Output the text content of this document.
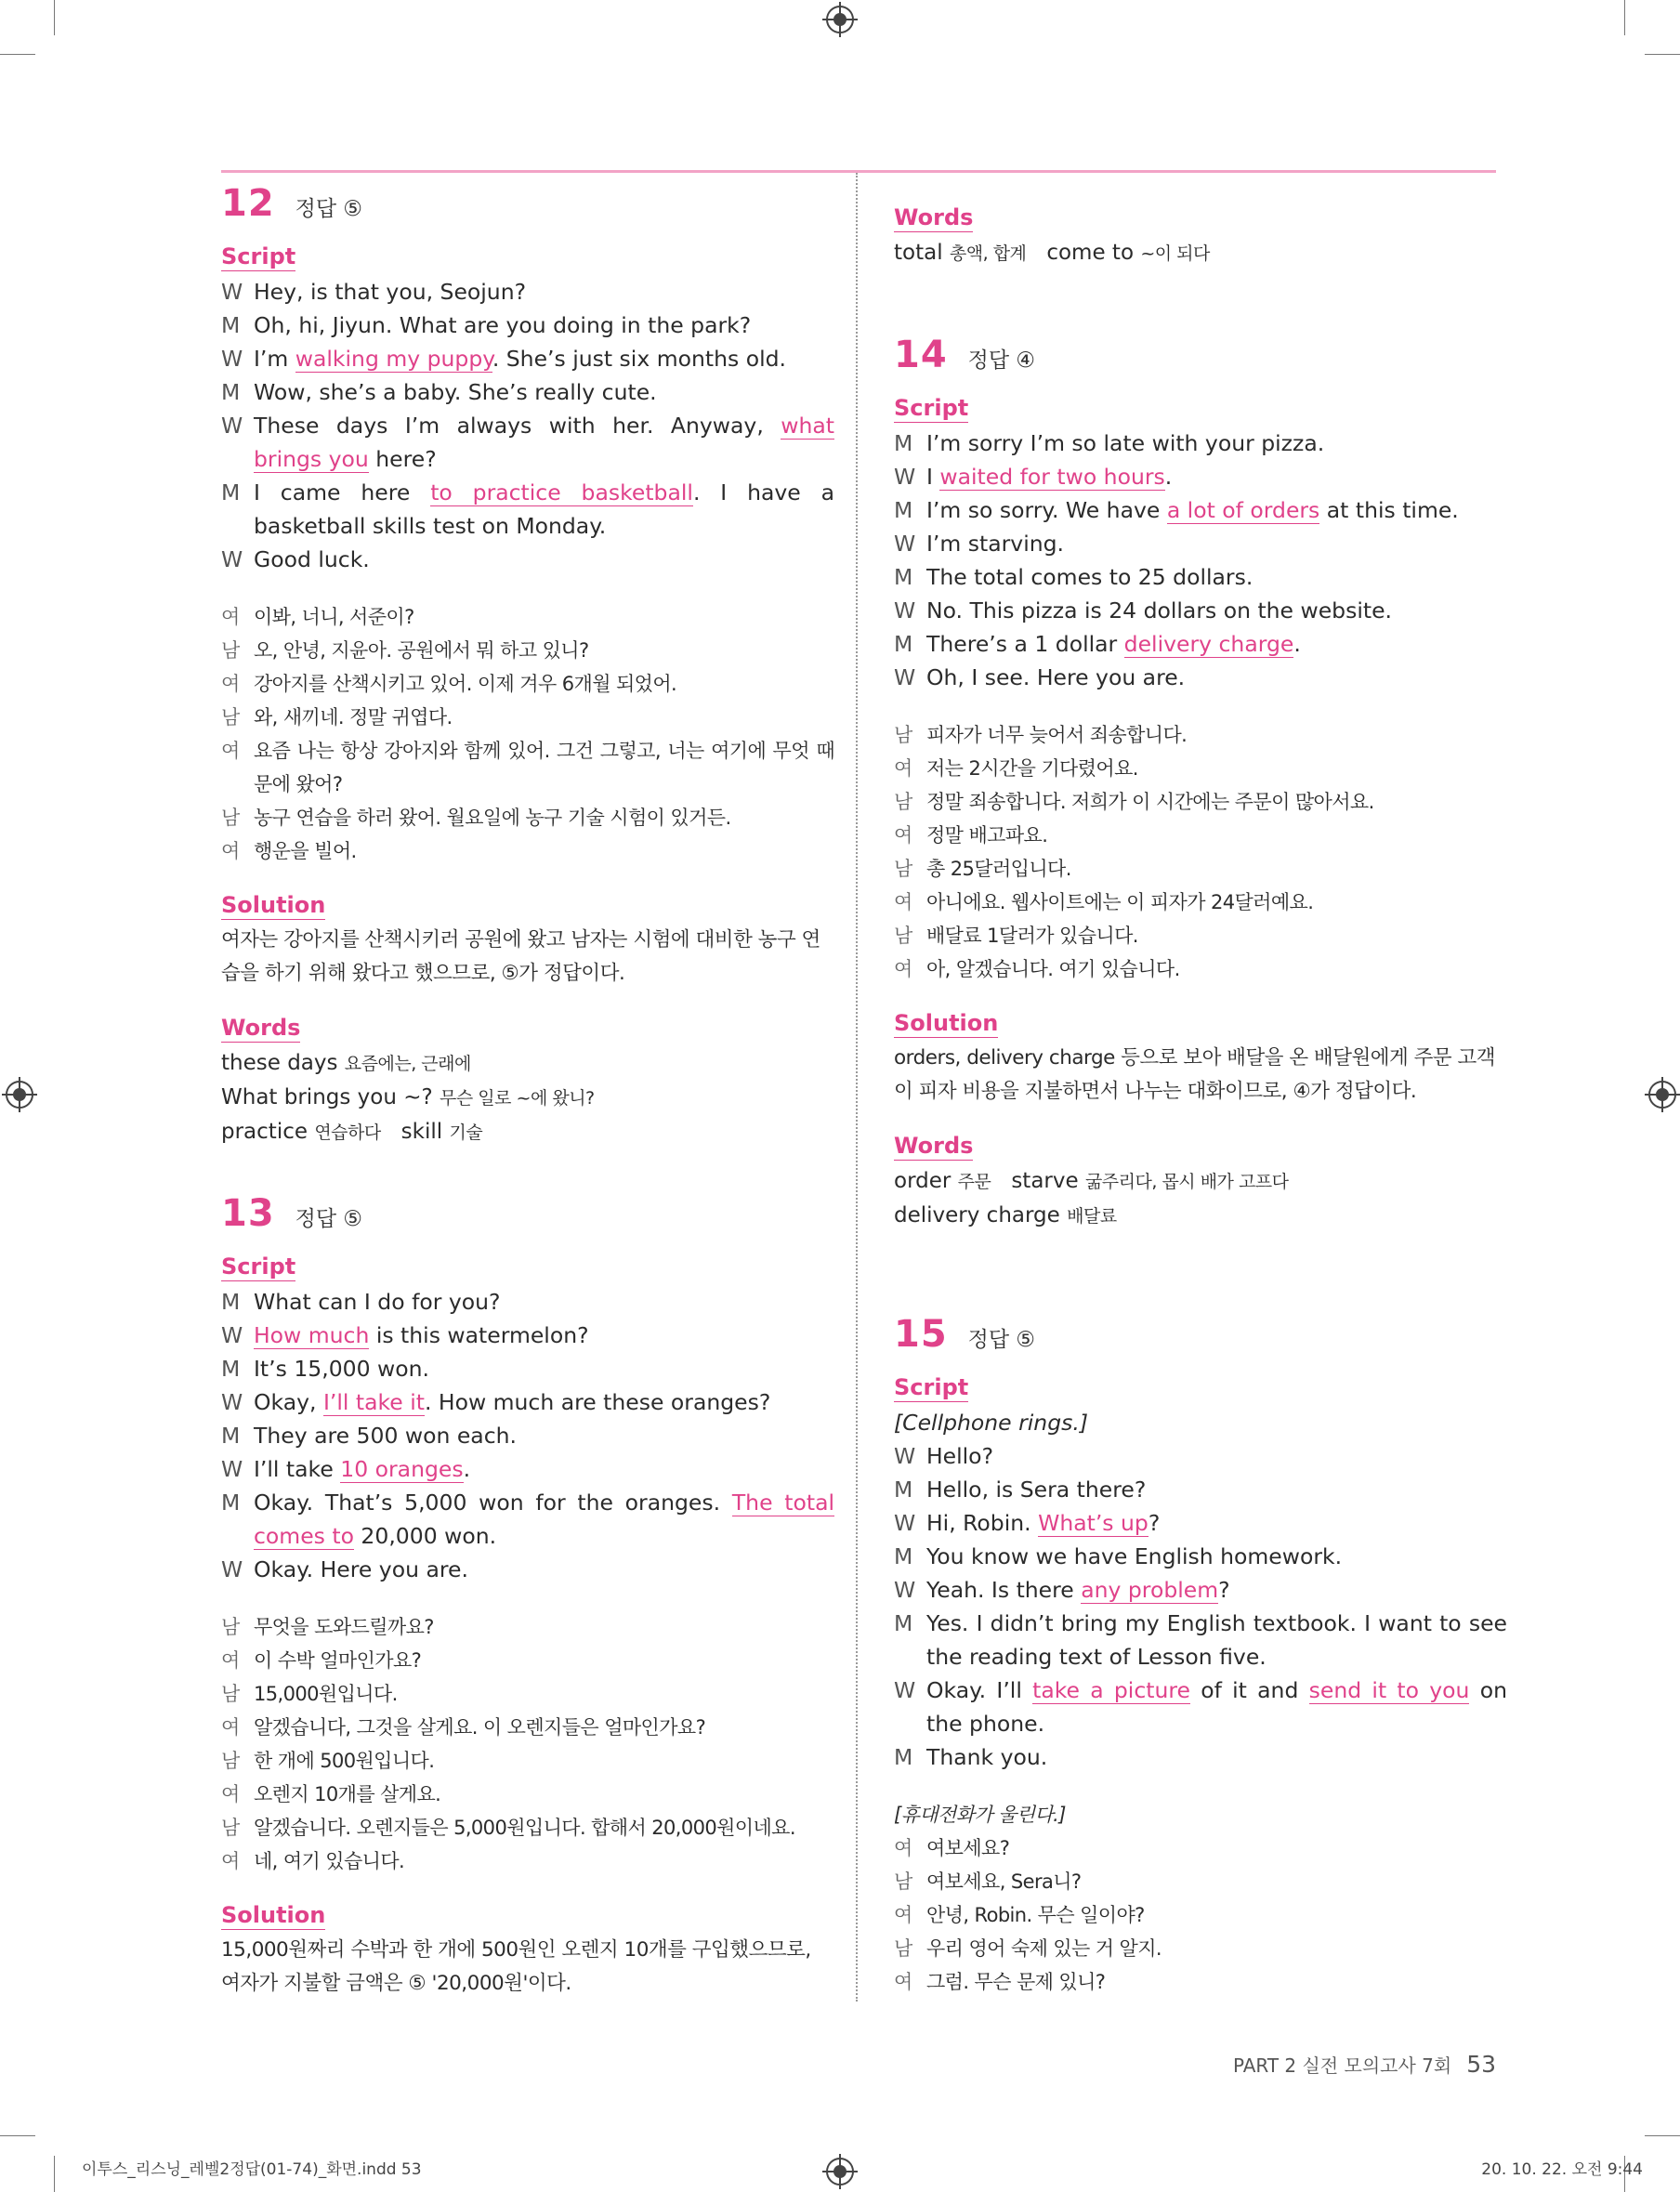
12 정답 ⑤
Script
W Hey, is that you, Seojun?
M Oh, hi, Jiyun. What are you doing in the park?
W I’m walking my puppy. She’s just six months old.
M Wow, she’s a baby. She’s really cute.
W These days I’m always with her. Anyway, what brings you here?
M I came here to practice basketball. I have a basketball skills test on Monday.
W Good luck.
여 이봐, 너니, 서준이?
남 오, 안녕, 지윤아. 공원에서 뭐 하고 있니?
여 강아지를 산책시키고 있어. 이제 겨우 6개월 되었어.
남 와, 새끼네. 정말 귀엽다.
여 요즘 나는 항상 강아지와 함께 있어. 그건 그렇고, 너는 여기에 무엇 때문에 왔어?
남 농구 연습을 하러 왔어. 월요일에 농구 기술 시험이 있거든.
여 행운을 빌어.
Solution
여자는 강아지를 산책시키러 공원에 왔고 남자는 시험에 대비한 농구 연습을 하기 위해 왔다고 했으므로, ⑤가 정답이다.
Words
these days 요즘에는, 근래에
What brings you ~? 무슨 일로 ~에 왔니?
practice 연습하다 skill 기술
13 정답 ⑤
Script
M What can I do for you?
W How much is this watermelon?
M It’s 15,000 won.
W Okay, I’ll take it. How much are these oranges?
M They are 500 won each.
W I’ll take 10 oranges.
M Okay. That’s 5,000 won for the oranges. The total comes to 20,000 won.
W Okay. Here you are.
남 무엇을 도와드릴까요?
여 이 수박 얼마인가요?
남 15,000원입니다.
여 알겠습니다, 그것을 살게요. 이 오렌지들은 얼마인가요?
남 한 개에 500원입니다.
여 오렌지 10개를 살게요.
남 알겠습니다. 오렌지들은 5,000원입니다. 합해서 20,000원이네요.
여 네, 여기 있습니다.
Solution
15,000원짜리 수박과 한 개에 500원인 오렌지 10개를 구입했으므로, 여자가 지불할 금액은 ⑤ '20,000원'이다.
Words
total 총액, 합계 come to ~이 되다
14 정답 ④
Script
M I’m sorry I’m so late with your pizza.
W I waited for two hours.
M I’m so sorry. We have a lot of orders at this time.
W I’m starving.
M The total comes to 25 dollars.
W No. This pizza is 24 dollars on the website.
M There’s a 1 dollar delivery charge.
W Oh, I see. Here you are.
남 피자가 너무 늦어서 죄송합니다.
여 저는 2시간을 기다렸어요.
남 정말 죄송합니다. 저희가 이 시간에는 주문이 많아서요.
여 정말 배고파요.
남 총 25달러입니다.
여 아니에요. 웹사이트에는 이 피자가 24달러예요.
남 배달료 1달러가 있습니다.
여 아, 알겠습니다. 여기 있습니다.
Solution
orders, delivery charge 등으로 보아 배달을 온 배달원에게 주문 고객이 피자 비용을 지불하면서 나누는 대화이므로, ④가 정답이다.
Words
order 주문 starve 굶주리다, 몹시 배가 고프다
delivery charge 배달료
15 정답 ⑤
Script
[Cellphone rings.]
W Hello?
M Hello, is Sera there?
W Hi, Robin. What’s up?
M You know we have English homework.
W Yeah. Is there any problem?
M Yes. I didn’t bring my English textbook. I want to see the reading text of Lesson five.
W Okay. I’ll take a picture of it and send it to you on the phone.
M Thank you.
[휴대전화가 울린다.]
여 여보세요?
남 여보세요, Sera니?
여 안녕, Robin. 무슨 일이야?
남 우리 영어 숙제 있는 거 알지.
여 그럼. 무슨 문제 있니?
PART 2 실전 모의고사 7회 53
이투스_리스닝_레벨2정답(01-74)_화면.indd 53	20. 10. 22. 오전 9:44
